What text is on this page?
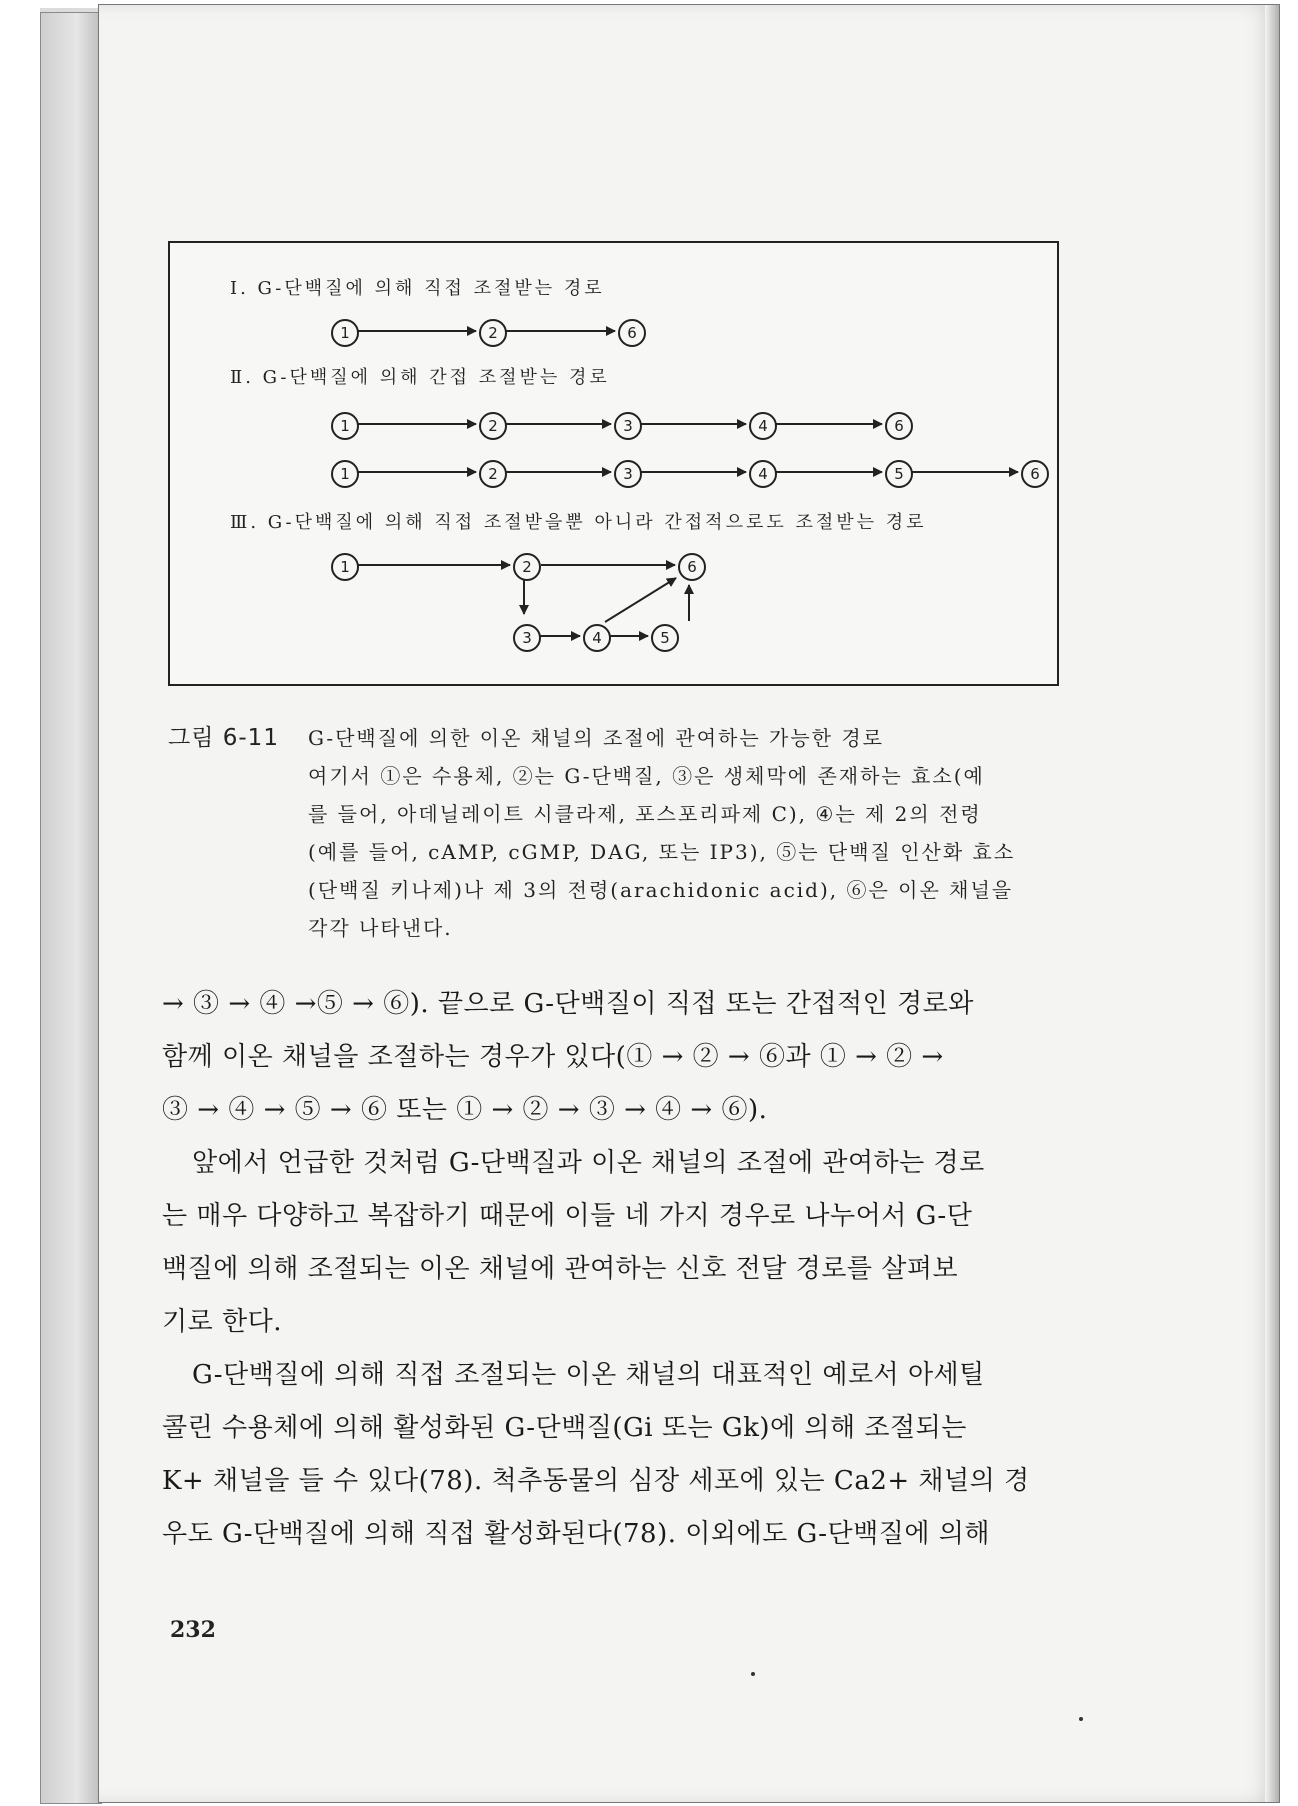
Ⅰ. G-단백질에 의해 직접 조절받는 경로
Ⅱ. G-단백질에 의해 간접 조절받는 경로
Ⅲ. G-단백질에 의해 직접 조절받을뿐 아니라 간접적으로도 조절받는 경로
1	2	6
1	2	3	4	6
1	2	3	4	5	6
1	2	6
3	4	5
그림 6-11 G-단백질에 의한 이온 채널의 조절에 관여하는 가능한 경로

여기서 ①은 수용체, ②는 G-단백질, ③은 생체막에 존재하는 효소(예

를 들어, 아데닐레이트 시클라제, 포스포리파제 C), ④는 제 2의 전령

(예를 들어, cAMP, cGMP, DAG, 또는 IP3), ⑤는 단백질 인산화 효소

(단백질 키나제)나 제 3의 전령(arachidonic acid), ⑥은 이온 채널을

각각 나타낸다.

→ ③ → ④ →⑤ → ⑥). 끝으로 G-단백질이 직접 또는 간접적인 경로와

함께 이온 채널을 조절하는 경우가 있다(① → ② → ⑥과 ① → ② →

③ → ④ → ⑤ → ⑥ 또는 ① → ② → ③ → ④ → ⑥).

앞에서 언급한 것처럼 G-단백질과 이온 채널의 조절에 관여하는 경로

는 매우 다양하고 복잡하기 때문에 이들 네 가지 경우로 나누어서 G-단

백질에 의해 조절되는 이온 채널에 관여하는 신호 전달 경로를 살펴보

기로 한다.

G-단백질에 의해 직접 조절되는 이온 채널의 대표적인 예로서 아세틸

콜린 수용체에 의해 활성화된 G-단백질(Gi 또는 Gk)에 의해 조절되는

K+ 채널을 들 수 있다(78). 척추동물의 심장 세포에 있는 Ca2+ 채널의 경

우도 G-단백질에 의해 직접 활성화된다(78). 이외에도 G-단백질에 의해

232
